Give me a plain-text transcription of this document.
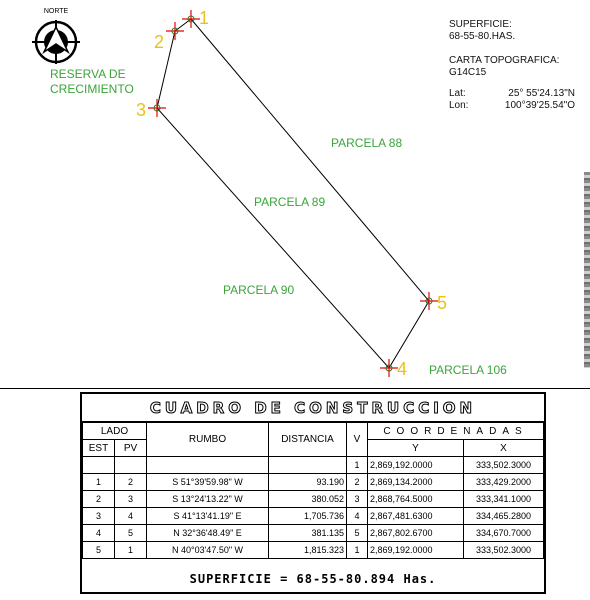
NORTE	1
2
3
4
5
RESERVA DE
CRECIMIENTO
PARCELA 88
PARCELA 89
PARCELA 90
PARCELA 106
SUPERFICIE:
68-55-80.HAS.
CARTA TOPOGRAFICA:
G14C15
Lat:	25° 55'24.13"N
Lon:	100°39'25.54"O
CUADRO DE CONSTRUCCION
LADO		RUMBO	DISTANCIA	V	COORDENADAS	
EST	PV				Y	X
				1	2,869,192.0000	333,502.3000
1	2	S 51°39'59.98" W	93.190	2	2,869,134.2000	333,429.2000
2	3	S 13°24'13.22" W	380.052	3	2,868,764.5000	333,341.1000
3	4	S 41°13'41.19" E	1,705.736	4	2,867,481.6300	334,465.2800
4	5	N 32°36'48.49" E	381.135	5	2,867,802.6700	334,670.7000
5	1	N 40°03'47.50" W	1,815.323	1	2,869,192.0000	333,502.3000
SUPERFICIE = 68-55-80.894 Has.
